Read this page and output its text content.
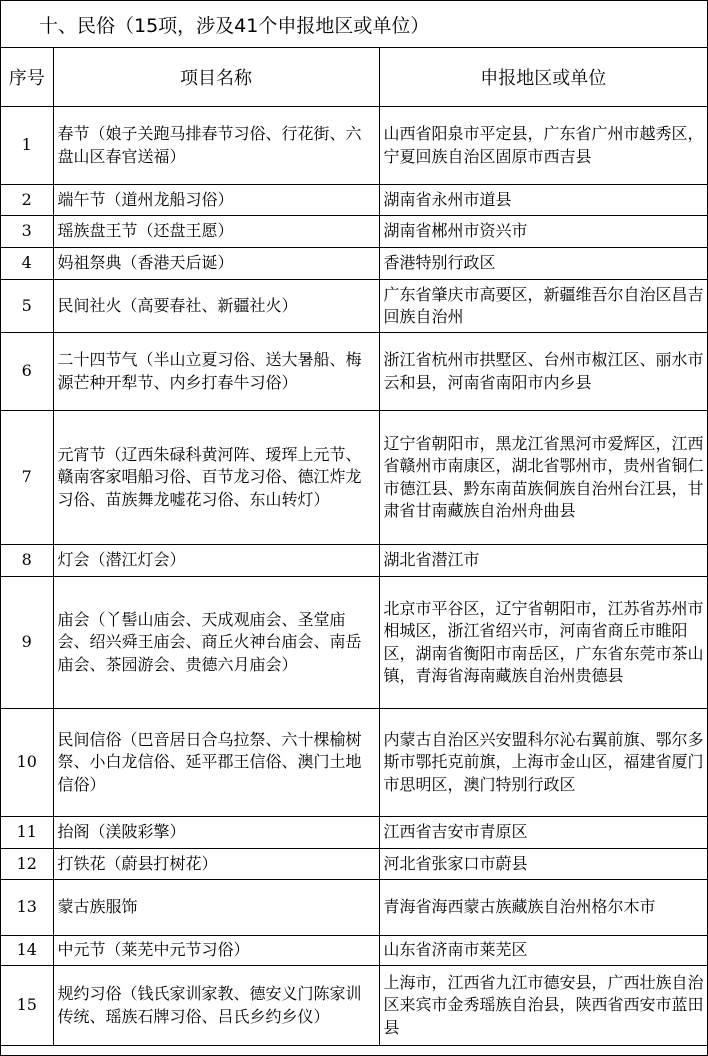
十、民俗（15项，涉及41个申报地区或单位）
序号	项目名称	申报地区或单位
1	春节（娘子关跑马排春节习俗、行花街、六盘山区春官送福）	山西省阳泉市平定县，广东省广州市越秀区，宁夏回族自治区固原市西吉县
2	端午节（道州龙船习俗）	湖南省永州市道县
3	瑶族盘王节（还盘王愿）	湖南省郴州市资兴市
4	妈祖祭典（香港天后诞）	香港特别行政区
5	民间社火（高要春社、新疆社火）	广东省肇庆市高要区，新疆维吾尔自治区昌吉回族自治州
6	二十四节气（半山立夏习俗、送大暑船、梅源芒种开犁节、内乡打春牛习俗）	浙江省杭州市拱墅区、台州市椒江区、丽水市云和县，河南省南阳市内乡县
7	元宵节（辽西朱碌科黄河阵、瑷珲上元节、赣南客家唱船习俗、百节龙习俗、德江炸龙习俗、苗族舞龙嘘花习俗、东山转灯）	辽宁省朝阳市，黑龙江省黑河市爱辉区，江西省赣州市南康区，湖北省鄂州市，贵州省铜仁市德江县、黔东南苗族侗族自治州台江县，甘肃省甘南藏族自治州舟曲县
8	灯会（潜江灯会）	湖北省潜江市
9	庙会（丫髻山庙会、天成观庙会、圣堂庙会、绍兴舜王庙会、商丘火神台庙会、南岳庙会、茶园游会、贵德六月庙会）	北京市平谷区，辽宁省朝阳市，江苏省苏州市相城区，浙江省绍兴市，河南省商丘市睢阳区，湖南省衡阳市南岳区，广东省东莞市茶山镇，青海省海南藏族自治州贵德县
10	民间信俗（巴音居日合乌拉祭、六十棵榆树祭、小白龙信俗、延平郡王信俗、澳门土地信俗）	内蒙古自治区兴安盟科尔沁右翼前旗、鄂尔多斯市鄂托克前旗，上海市金山区，福建省厦门市思明区，澳门特别行政区
11	抬阁（渼陂彩擎）	江西省吉安市青原区
12	打铁花（蔚县打树花）	河北省张家口市蔚县
13	蒙古族服饰	青海省海西蒙古族藏族自治州格尔木市
14	中元节（莱芜中元节习俗）	山东省济南市莱芜区
15	规约习俗（钱氏家训家教、德安义门陈家训传统、瑶族石牌习俗、吕氏乡约乡仪）	上海市，江西省九江市德安县，广西壮族自治区来宾市金秀瑶族自治县，陕西省西安市蓝田县
